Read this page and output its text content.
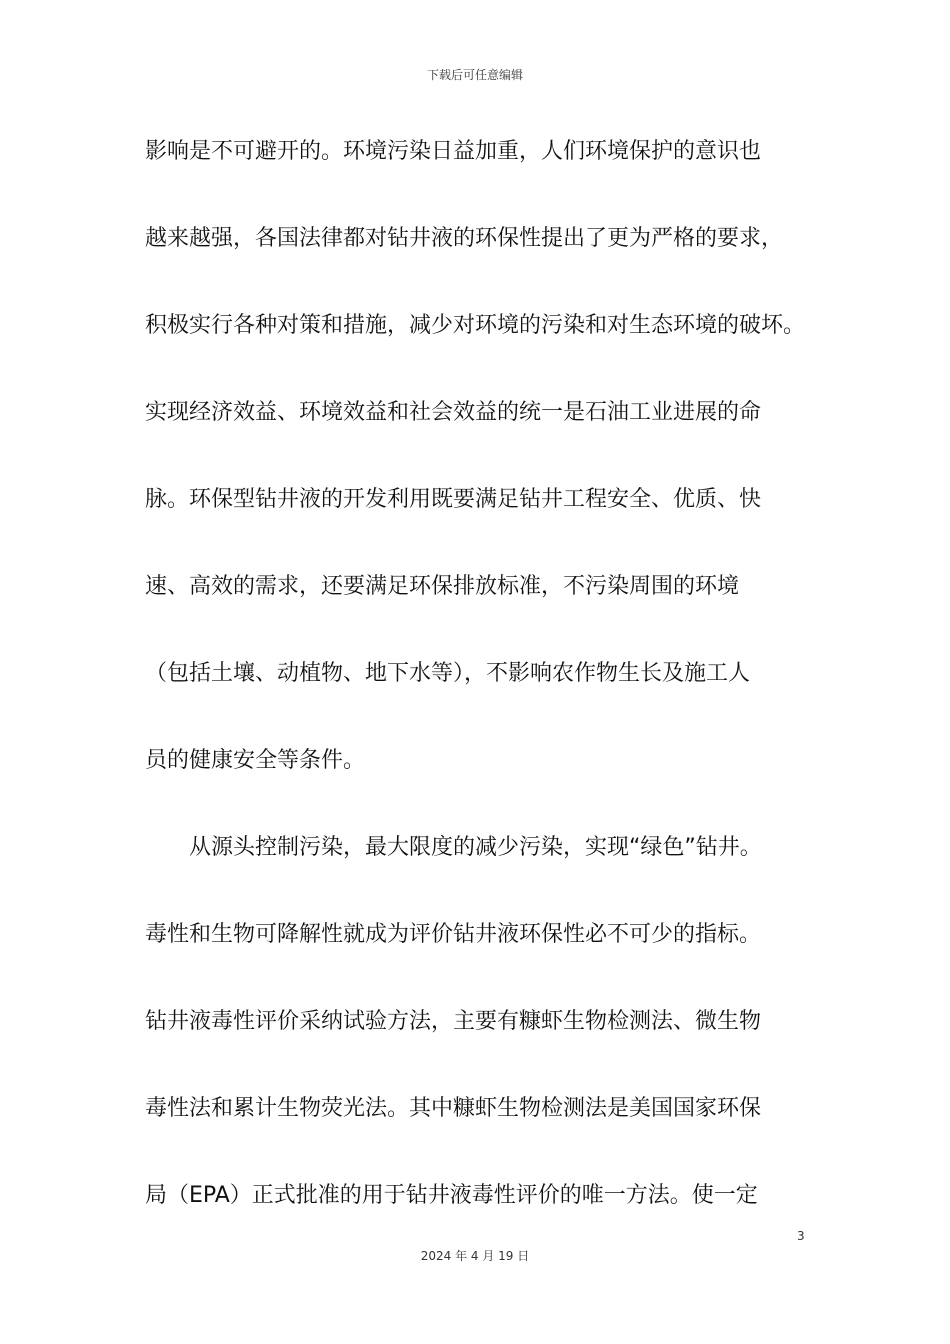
下载后可任意编辑
影响是不可避开的。环境污染日益加重，人们环境保护的意识也
越来越强，各国法律都对钻井液的环保性提出了更为严格的要求，
积极实行各种对策和措施，减少对环境的污染和对生态环境的破坏。
实现经济效益、环境效益和社会效益的统一是石油工业进展的命
脉。环保型钻井液的开发利用既要满足钻井工程安全、优质、快
速、高效的需求，还要满足环保排放标准，不污染周围的环境
（包括土壤、动植物、地下水等），不影响农作物生长及施工人
员的健康安全等条件。
从源头控制污染，最大限度的减少污染，实现“绿色”钻井。
毒性和生物可降解性就成为评价钻井液环保性必不可少的指标。
钻井液毒性评价采纳试验方法，主要有糠虾生物检测法、微生物
毒性法和累计生物荧光法。其中糠虾生物检测法是美国国家环保
局（EPA）正式批准的用于钻井液毒性评价的唯一方法。使一定
3
2024 年 4 月 19 日
